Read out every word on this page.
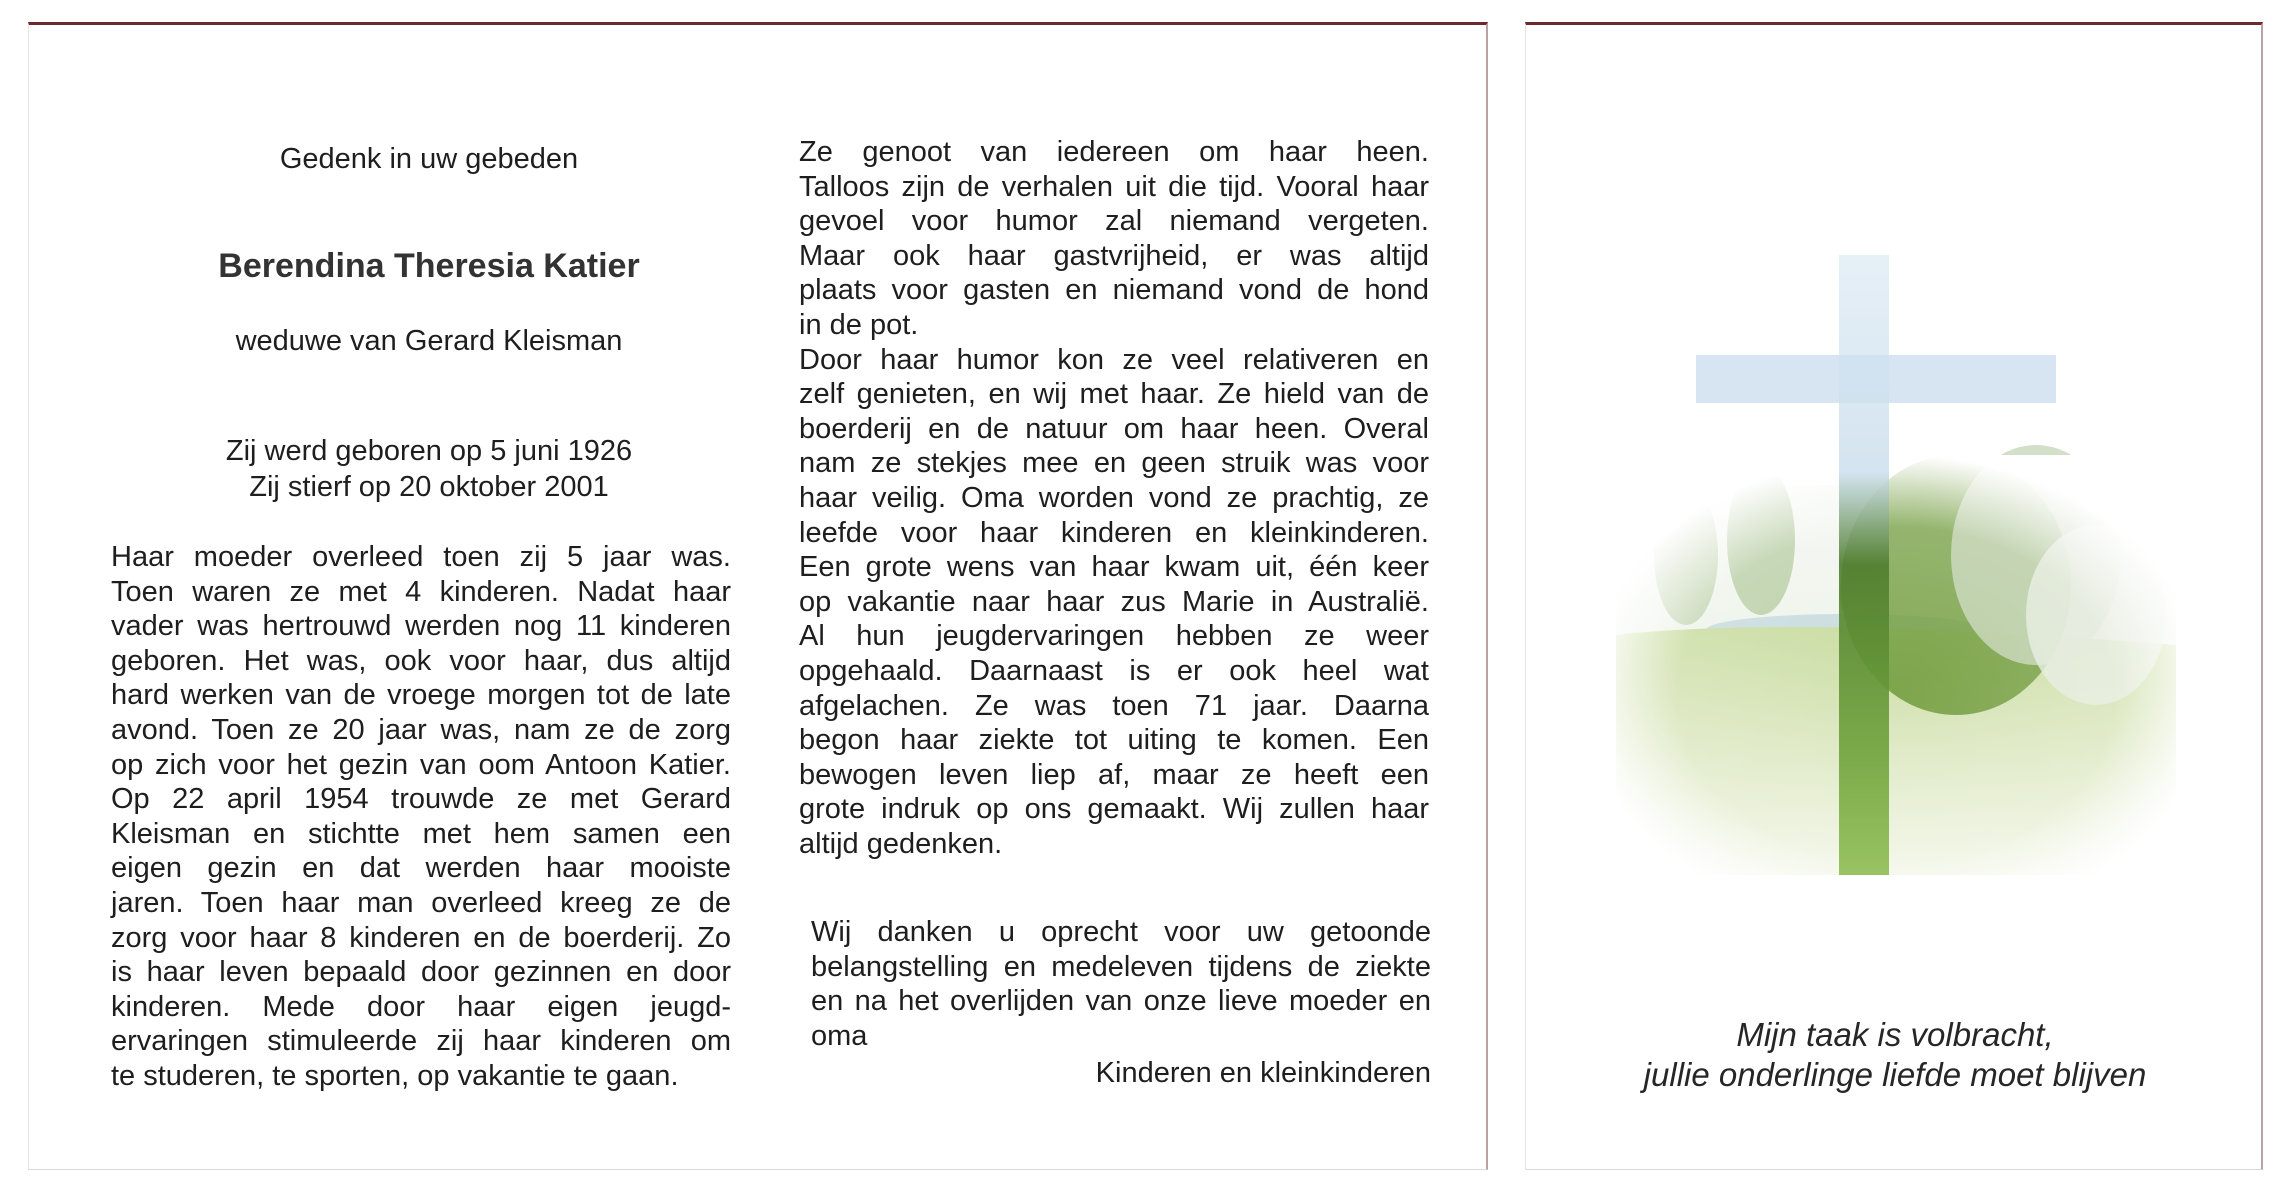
Gedenk in uw gebeden
Berendina Theresia Katier
weduwe van Gerard Kleisman
Zij werd geboren op 5 juni 1926
Zij stierf op 20 oktober 2001

Haar moeder overleed toen zij 5 jaar was.

Toen waren ze met 4 kinderen. Nadat haar

vader was hertrouwd werden nog 11 kinderen

geboren. Het was, ook voor haar, dus altijd

hard werken van de vroege morgen tot de late

avond. Toen ze 20 jaar was, nam ze de zorg

op zich voor het gezin van oom Antoon Katier.

Op 22 april 1954 trouwde ze met Gerard

Kleisman en stichtte met hem samen een

eigen gezin en dat werden haar mooiste

jaren. Toen haar man overleed kreeg ze de

zorg voor haar 8 kinderen en de boerderij. Zo

is haar leven bepaald door gezinnen en door

kinderen. Mede door haar eigen jeugd-

ervaringen stimuleerde zij haar kinderen om

te studeren, te sporten, op vakantie te gaan.

Ze genoot van iedereen om haar heen.

Talloos zijn de verhalen uit die tijd. Vooral haar

gevoel voor humor zal niemand vergeten.

Maar ook haar gastvrijheid, er was altijd

plaats voor gasten en niemand vond de hond

in de pot.

Door haar humor kon ze veel relativeren en

zelf genieten, en wij met haar. Ze hield van de

boerderij en de natuur om haar heen. Overal

nam ze stekjes mee en geen struik was voor

haar veilig. Oma worden vond ze prachtig, ze

leefde voor haar kinderen en kleinkinderen.

Een grote wens van haar kwam uit, één keer

op vakantie naar haar zus Marie in Australië.

Al hun jeugdervaringen hebben ze weer

opgehaald. Daarnaast is er ook heel wat

afgelachen. Ze was toen 71 jaar. Daarna

begon haar ziekte tot uiting te komen. Een

bewogen leven liep af, maar ze heeft een

grote indruk op ons gemaakt. Wij zullen haar

altijd gedenken.

Wij danken u oprecht voor uw getoonde

belangstelling en medeleven tijdens de ziekte

en na het overlijden van onze lieve moeder en

oma

Kinderen en kleinkinderen
Mijn taak is volbracht,
jullie onderlinge liefde moet blijven
